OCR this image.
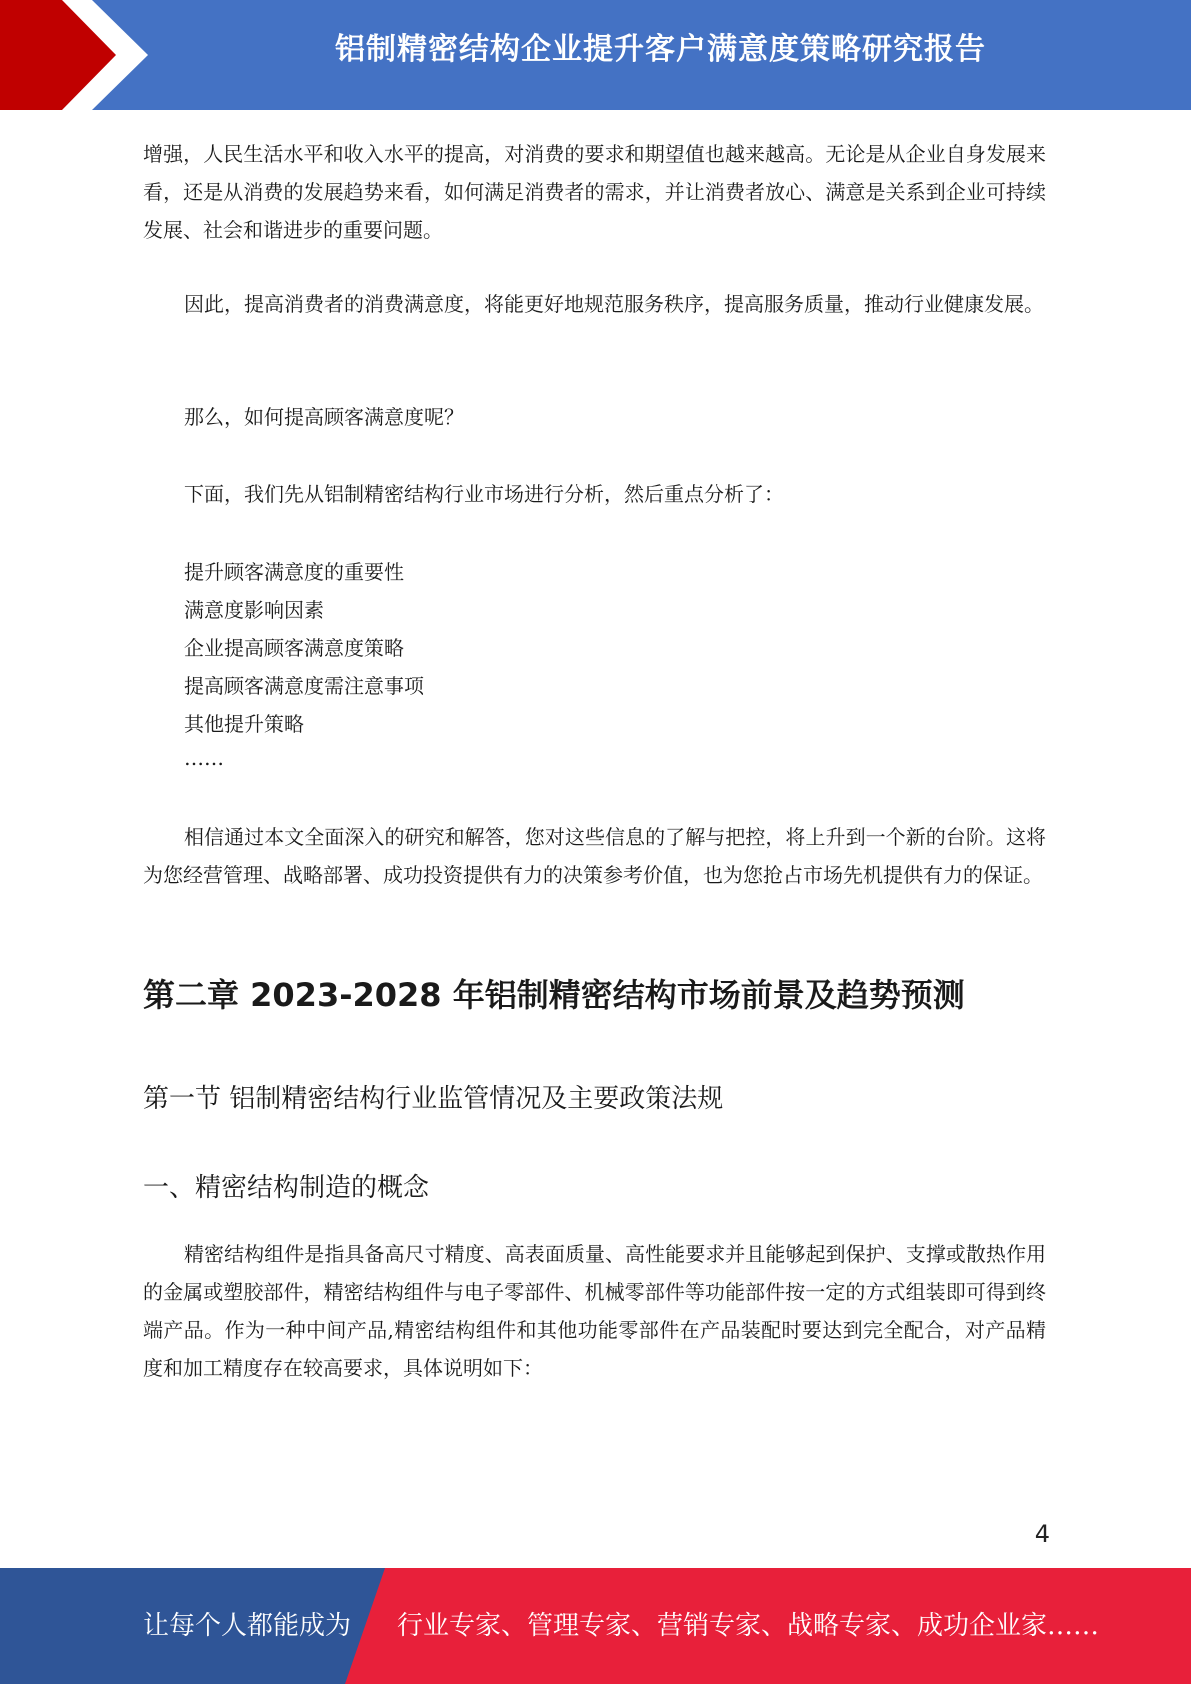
铝制精密结构企业提升客户满意度策略研究报告

增强，人民生活水平和收入水平的提高，对消费的要求和期望值也越来越高。无论是从企业自身发展来看，还是从消费的发展趋势来看，如何满足消费者的需求，并让消费者放心、满意是关系到企业可持续发展、社会和谐进步的重要问题。

因此，提高消费者的消费满意度，将能更好地规范服务秩序，提高服务质量，推动行业健康发展。

那么，如何提高顾客满意度呢？

下面，我们先从铝制精密结构行业市场进行分析，然后重点分析了：

提升顾客满意度的重要性
满意度影响因素
企业提高顾客满意度策略
提高顾客满意度需注意事项
其他提升策略
……

相信通过本文全面深入的研究和解答，您对这些信息的了解与把控，将上升到一个新的台阶。这将为您经营管理、战略部署、成功投资提供有力的决策参考价值，也为您抢占市场先机提供有力的保证。

第二章 2023-2028 年铝制精密结构市场前景及趋势预测
第一节 铝制精密结构行业监管情况及主要政策法规
一、精密结构制造的概念

精密结构组件是指具备高尺寸精度、高表面质量、高性能要求并且能够起到保护、支撑或散热作用的金属或塑胶部件，精密结构组件与电子零部件、机械零部件等功能部件按一定的方式组装即可得到终端产品。作为一种中间产品,精密结构组件和其他功能零部件在产品装配时要达到完全配合，对产品精度和加工精度存在较高要求，具体说明如下：

4
让每个人都能成为 行业专家、管理专家、营销专家、战略专家、成功企业家……
